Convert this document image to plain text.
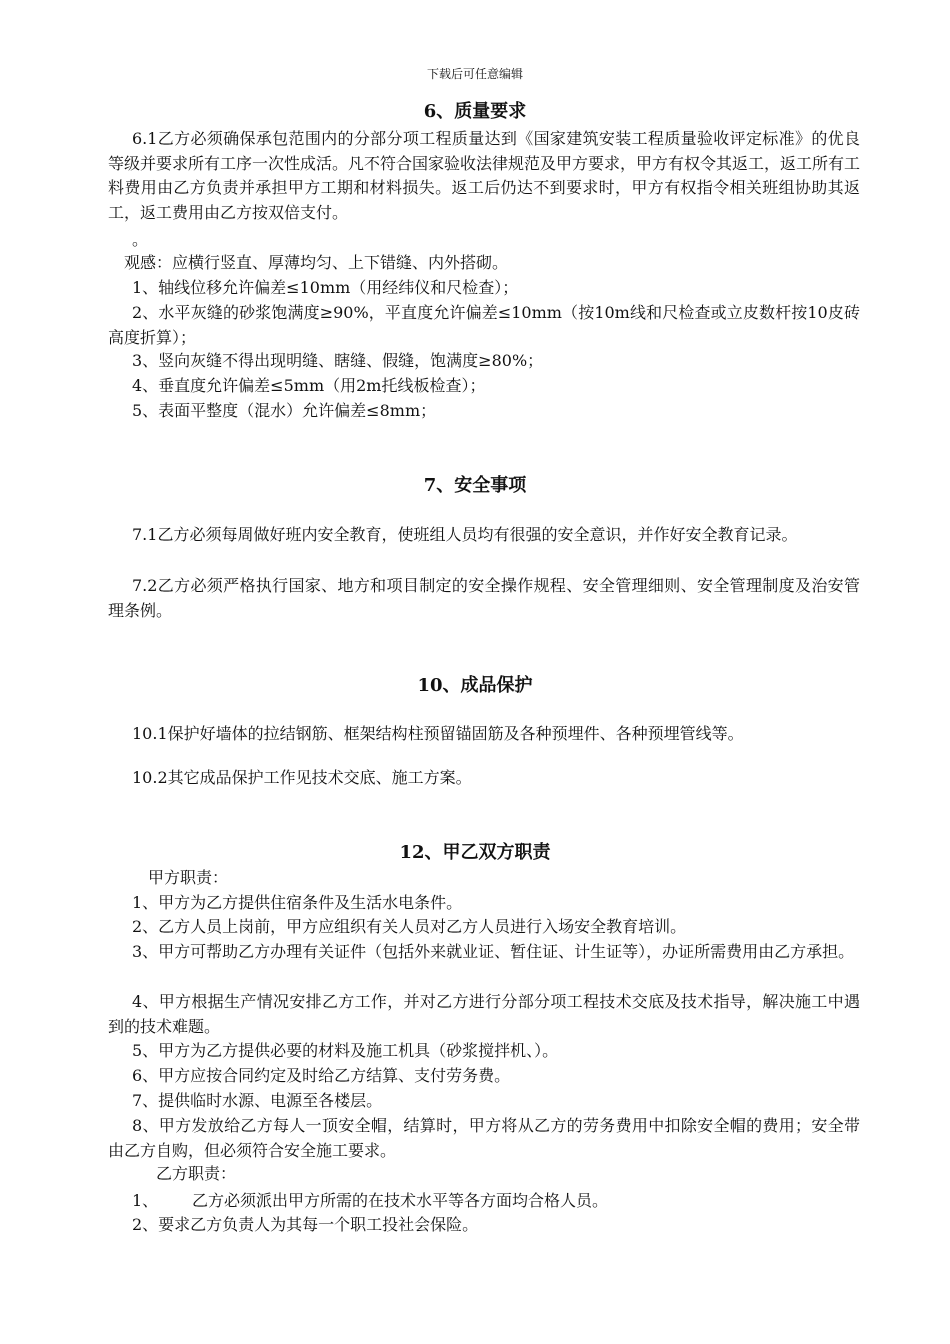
下载后可任意编辑
6、质量要求

6.1乙方必须确保承包范围内的分部分项工程质量达到《国家建筑安装工程质量验收评定标准》的优良等级并要求所有工序一次性成活。凡不符合国家验收法律规范及甲方要求，甲方有权令其返工，返工所有工料费用由乙方负责并承担甲方工期和材料损失。返工后仍达不到要求时，甲方有权指令相关班组协助其返工，返工费用由乙方按双倍支付。

。
观感：应横行竖直、厚薄均匀、上下错缝、内外搭砌。
1、轴线位移允许偏差≤10mm（用经纬仪和尺检查）；

2、水平灰缝的砂浆饱满度≥90%，平直度允许偏差≤10mm（按10m线和尺检查或立皮数杆按10皮砖高度折算）；

3、竖向灰缝不得出现明缝、瞎缝、假缝，饱满度≥80%；
4、垂直度允许偏差≤5mm（用2m托线板检查）；
5、表面平整度（混水）允许偏差≤8mm；
7、安全事项

7.1乙方必须每周做好班内安全教育，使班组人员均有很强的安全意识，并作好安全教育记录。

7.2乙方必须严格执行国家、地方和项目制定的安全操作规程、安全管理细则、安全管理制度及治安管理条例。

10、成品保护
10.1保护好墙体的拉结钢筋、框架结构柱预留锚固筋及各种预埋件、各种预埋管线等。
10.2其它成品保护工作见技术交底、施工方案。
12、甲乙双方职责
甲方职责：
1、甲方为乙方提供住宿条件及生活水电条件。
2、乙方人员上岗前，甲方应组织有关人员对乙方人员进行入场安全教育培训。

3、甲方可帮助乙方办理有关证件（包括外来就业证、暂住证、计生证等），办证所需费用由乙方承担。

4、甲方根据生产情况安排乙方工作，并对乙方进行分部分项工程技术交底及技术指导，解决施工中遇到的技术难题。

5、甲方为乙方提供必要的材料及施工机具（砂浆搅拌机、）。
6、甲方应按合同约定及时给乙方结算、支付劳务费。
7、提供临时水源、电源至各楼层。

8、甲方发放给乙方每人一顶安全帽，结算时，甲方将从乙方的劳务费用中扣除安全帽的费用；安全带由乙方自购，但必须符合安全施工要求。

乙方职责：
1、 乙方必须派出甲方所需的在技术水平等各方面均合格人员。
2、要求乙方负责人为其每一个职工投社会保险。
